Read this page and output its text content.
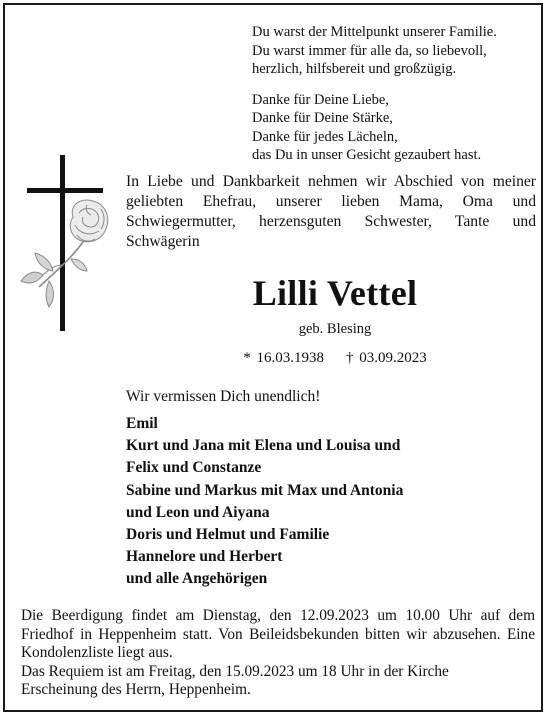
Du warst der Mittelpunkt unserer Familie.
Du warst immer für alle da, so liebevoll,
herzlich, hilfsbereit und großzügig.

Danke für Deine Liebe,
Danke für Deine Stärke,
Danke für jedes Lächeln,
das Du in unser Gesicht gezaubert hast.

In Liebe und Dankbarkeit nehmen wir Abschied von meiner geliebten Ehefrau, unserer lieben Mama, Oma und Schwiegermutter, herzensguten Schwester, Tante und Schwägerin

Lilli Vettel
geb. Blesing
* 16.03.1938 † 03.09.2023
Wir vermissen Dich unendlich!
Emil
Kurt und Jana mit Elena und Louisa und
Felix und Constanze
Sabine und Markus mit Max und Antonia
und Leon und Aiyana
Doris und Helmut und Familie
Hannelore und Herbert
und alle Angehörigen

Die Beerdigung findet am Dienstag, den 12.09.2023 um 10.00 Uhr auf dem Friedhof in Heppenheim statt. Von Beileidsbekunden bitten wir abzusehen. Eine Kondolenzliste liegt aus.
Das Requiem ist am Freitag, den 15.09.2023 um 18 Uhr in der Kirche
Erscheinung des Herrn, Heppenheim.
